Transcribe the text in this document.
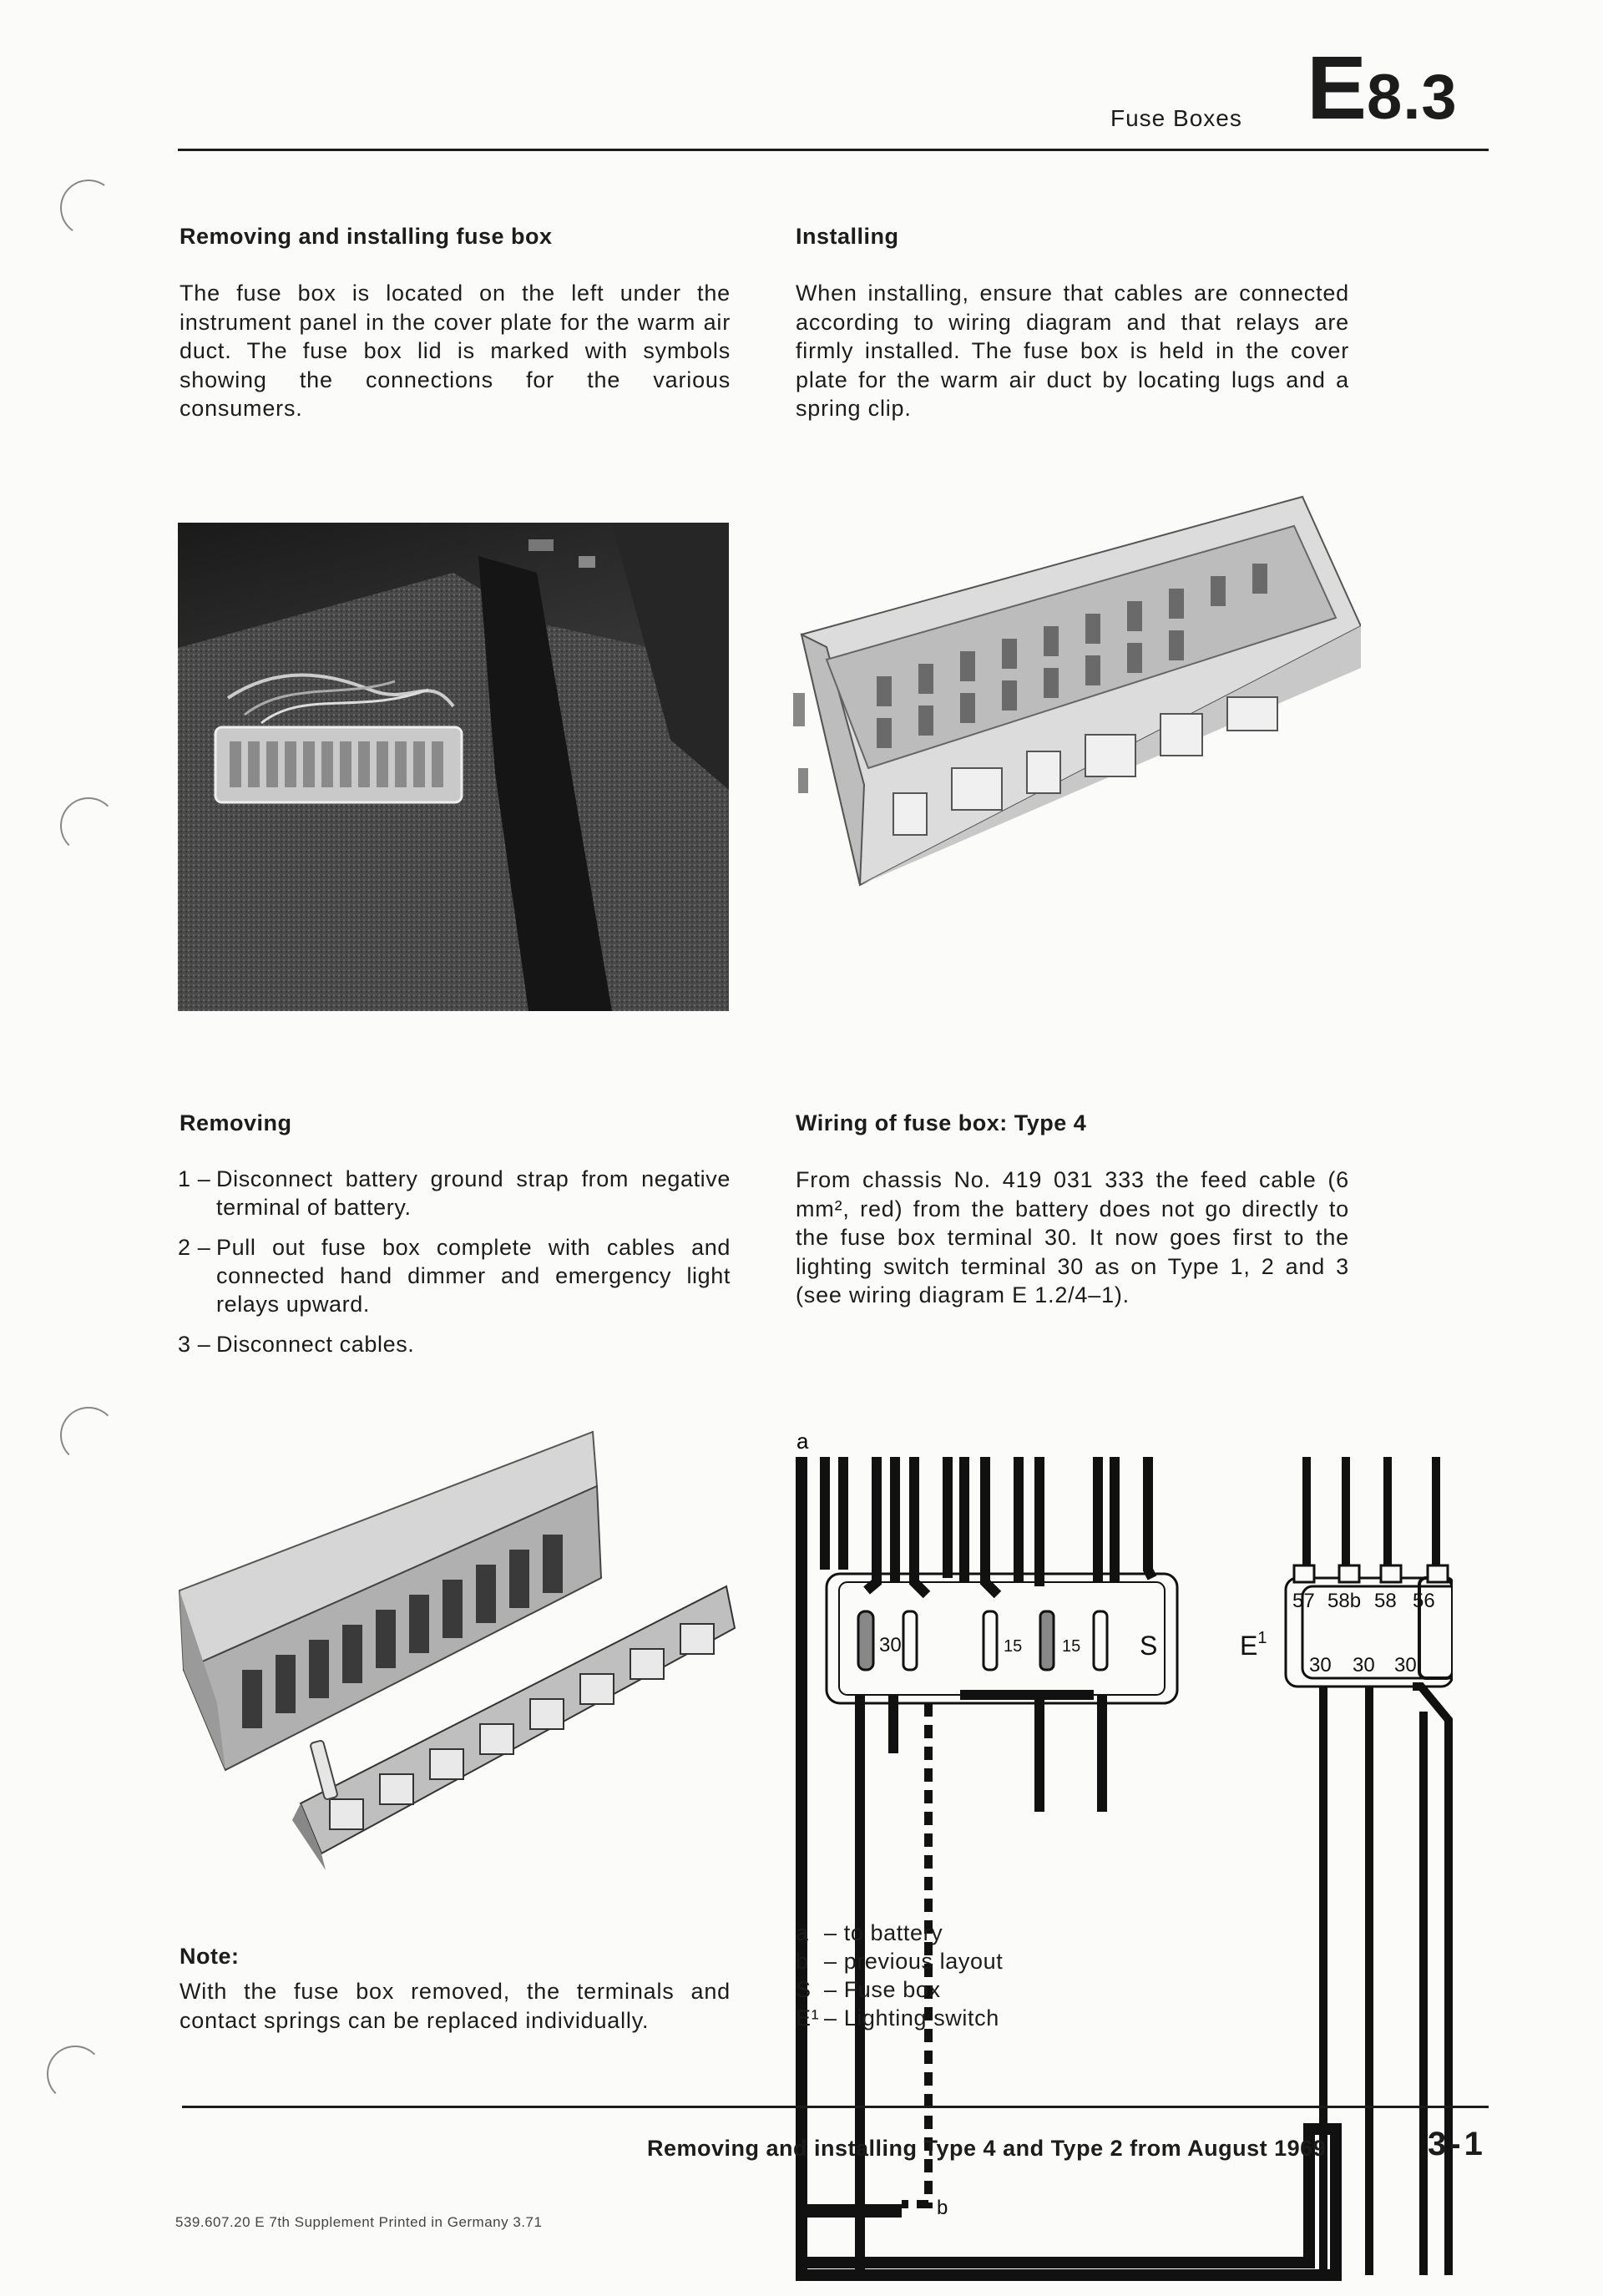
Fuse Boxes E8.3
Removing and installing fuse box
The fuse box is located on the left under the instrument panel in the cover plate for the warm air duct. The fuse box lid is marked with symbols showing the connections for the various consumers.
Installing
When installing, ensure that cables are connected according to wiring diagram and that relays are firmly installed. The fuse box is held in the cover plate for the warm air duct by locating lugs and a spring clip.
Removing
1 – Disconnect battery ground strap from negative terminal of battery.
2 – Pull out fuse box complete with cables and connected hand dimmer and emergency light relays upward.
3 – Disconnect cables.
Wiring of fuse box: Type 4
From chassis No. 419 031 333 the feed cable (6 mm², red) from the battery does not go directly to the fuse box terminal 30. It now goes first to the lighting switch terminal 30 as on Type 1, 2 and 3 (see wiring diagram E 1.2/4–1).
a
30	15 15 S	$E^1$
57 58b 58 56
30 30 30
b
Note:
With the fuse box removed, the terminals and contact springs can be replaced individually.
a – to battery
b – previous layout
S – Fuse box
E¹ – Lighting switch
Removing and installing Type 4 and Type 2 from August 1969	3-1
539.607.20 E 7th Supplement Printed in Germany 3.71
